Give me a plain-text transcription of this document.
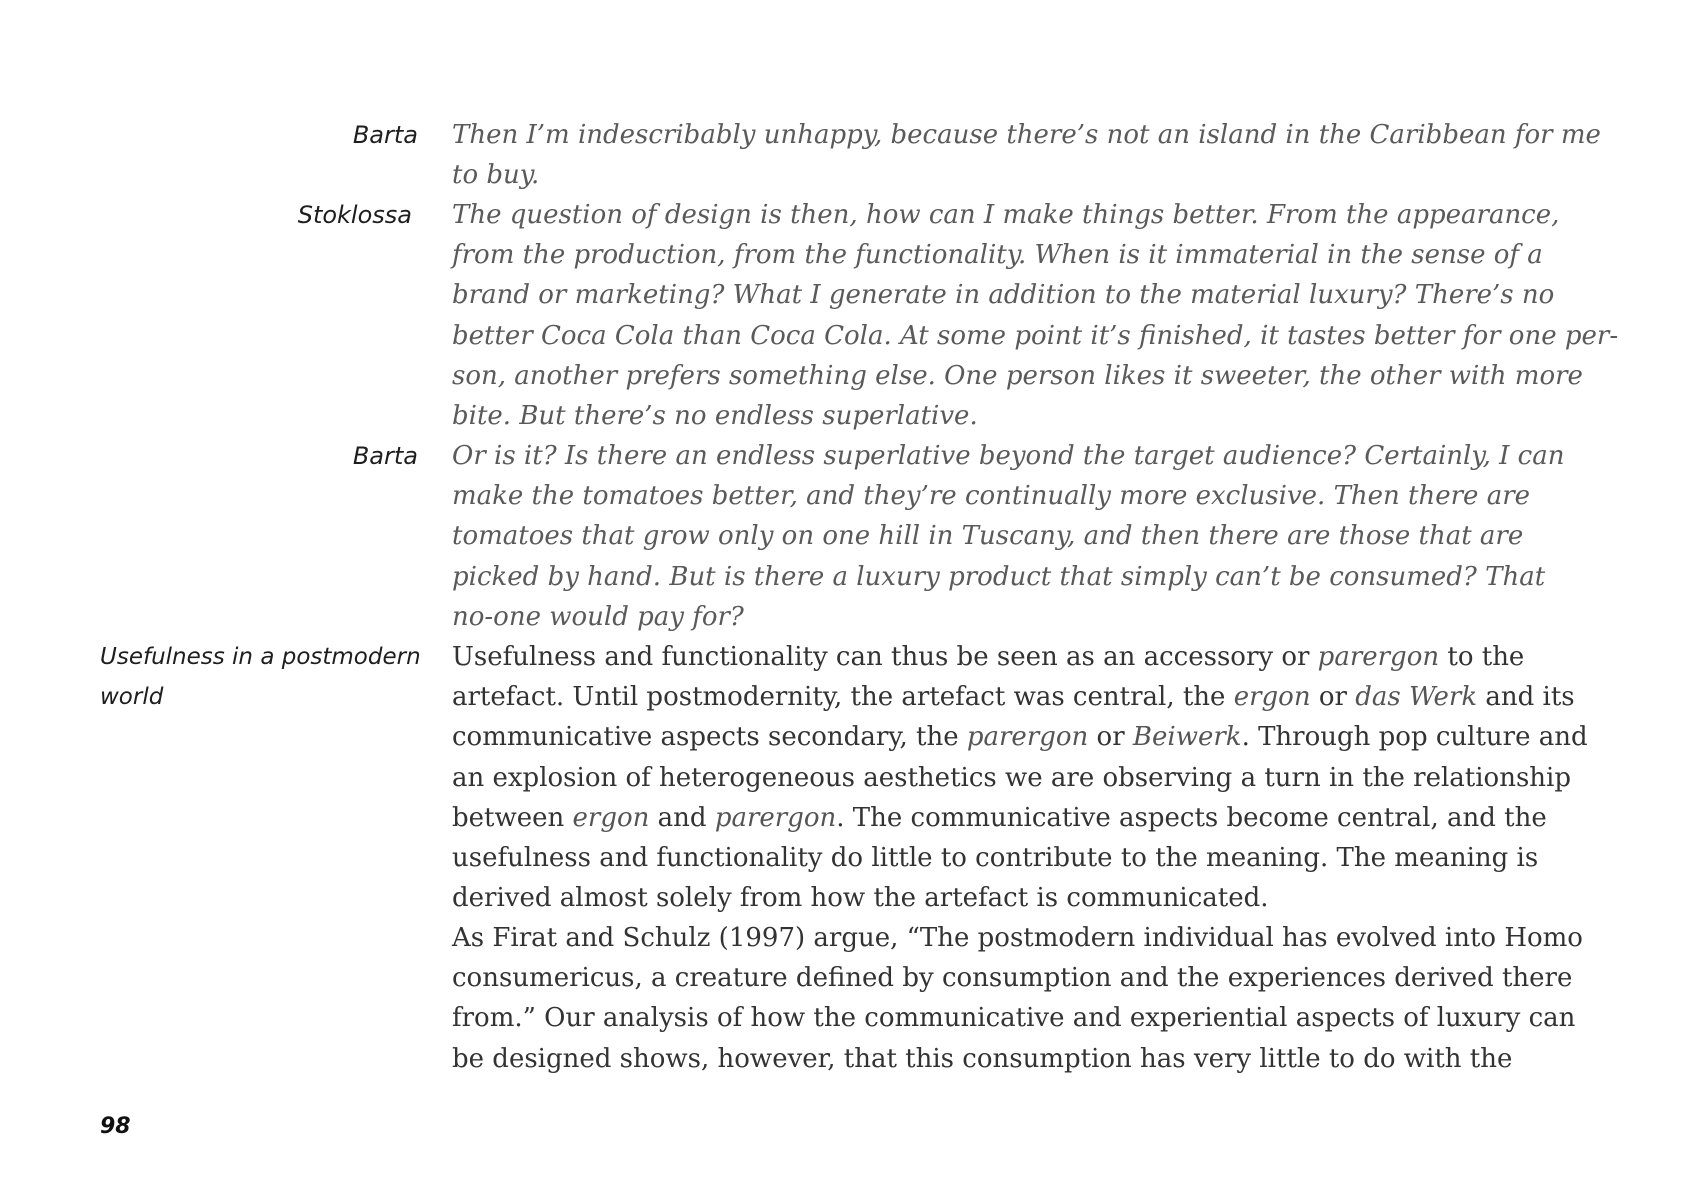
Barta Then I’m indescribably unhappy, because there’s not an island in the Caribbean for me
to buy.
Stoklossa The question of design is then, how can I make things better. From the appearance,
from the production, from the functionality. When is it immaterial in the sense of a
brand or marketing? What I generate in addition to the material luxury? There’s no
better Coca Cola than Coca Cola. At some point it’s finished, it tastes better for one per-
son, another prefers something else. One person likes it sweeter, the other with more
bite. But there’s no endless superlative.
Barta Or is it? Is there an endless superlative beyond the target audience? Certainly, I can
make the tomatoes better, and they’re continually more exclusive. Then there are
tomatoes that grow only on one hill in Tuscany, and then there are those that are
picked by hand. But is there a luxury product that simply can’t be consumed? That
no-one would pay for?
Usefulness in a postmodern
world
Usefulness and functionality can thus be seen as an accessory or parergon to the
artefact. Until postmodernity, the artefact was central, the ergon or das Werk and its
communicative aspects secondary, the parergon or Beiwerk. Through pop culture and
an explosion of heterogeneous aesthetics we are observing a turn in the relationship
between ergon and parergon. The communicative aspects become central, and the
usefulness and functionality do little to contribute to the meaning. The meaning is
derived almost solely from how the artefact is communicated.
As Firat and Schulz (1997) argue, “The postmodern individual has evolved into Homo
consumericus, a creature defined by consumption and the experiences derived there
from.” Our analysis of how the communicative and experiential aspects of luxury can
be designed shows, however, that this consumption has very little to do with the
98
